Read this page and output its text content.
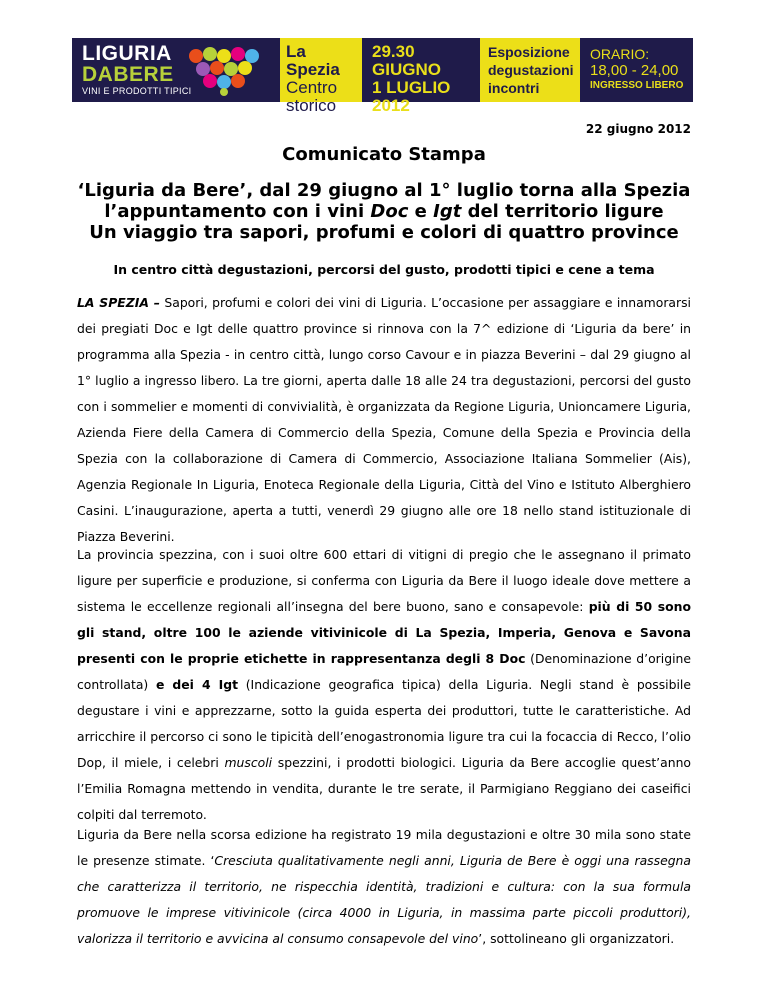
LIGURIA
DABERE
VINI E PRODOTTI TIPICI
La Spezia
Centro
storico
29.30 GIUGNO
1 LUGLIO
2012
Esposizione
degustazioni
incontri
ORARIO:
18,00 - 24,00
INGRESSO LIBERO
22 giugno 2012
Comunicato Stampa
‘Liguria da Bere’, dal 29 giugno al 1° luglio torna alla Spezia
l’appuntamento con i vini Doc e Igt del territorio ligure
Un viaggio tra sapori, profumi e colori di quattro province
In centro città degustazioni, percorsi del gusto, prodotti tipici e cene a tema
LA SPEZIA – Sapori, profumi e colori dei vini di Liguria. L’occasione per assaggiare e innamorarsi dei pregiati Doc e Igt delle quattro province si rinnova con la 7^ edizione di ‘Liguria da bere’ in programma alla Spezia - in centro città, lungo corso Cavour e in piazza Beverini – dal 29 giugno al 1° luglio a ingresso libero. La tre giorni, aperta dalle 18 alle 24 tra degustazioni, percorsi del gusto con i sommelier e momenti di convivialità, è organizzata da Regione Liguria, Unioncamere Liguria, Azienda Fiere della Camera di Commercio della Spezia, Comune della Spezia e Provincia della Spezia con la collaborazione di Camera di Commercio, Associazione Italiana Sommelier (Ais), Agenzia Regionale In Liguria, Enoteca Regionale della Liguria, Città del Vino e Istituto Alberghiero Casini. L’inaugurazione, aperta a tutti, venerdì 29 giugno alle ore 18 nello stand istituzionale di Piazza Beverini.
La provincia spezzina, con i suoi oltre 600 ettari di vitigni di pregio che le assegnano il primato ligure per superficie e produzione, si conferma con Liguria da Bere il luogo ideale dove mettere a sistema le eccellenze regionali all’insegna del bere buono, sano e consapevole: più di 50 sono gli stand, oltre 100 le aziende vitivinicole di La Spezia, Imperia, Genova e Savona presenti con le proprie etichette in rappresentanza degli 8 Doc (Denominazione d’origine controllata) e dei 4 Igt (Indicazione geografica tipica) della Liguria. Negli stand è possibile degustare i vini e apprezzarne, sotto la guida esperta dei produttori, tutte le caratteristiche. Ad arricchire il percorso ci sono le tipicità dell’enogastronomia ligure tra cui la focaccia di Recco, l’olio Dop, il miele, i celebri muscoli spezzini, i prodotti biologici. Liguria da Bere accoglie quest’anno l’Emilia Romagna mettendo in vendita, durante le tre serate, il Parmigiano Reggiano dei caseifici colpiti dal terremoto.
Liguria da Bere nella scorsa edizione ha registrato 19 mila degustazioni e oltre 30 mila sono state le presenze stimate. ‘Cresciuta qualitativamente negli anni, Liguria de Bere è oggi una rassegna che caratterizza il territorio, ne rispecchia identità, tradizioni e cultura: con la sua formula promuove le imprese vitivinicole (circa 4000 in Liguria, in massima parte piccoli produttori), valorizza il territorio e avvicina al consumo consapevole del vino’, sottolineano gli organizzatori.
